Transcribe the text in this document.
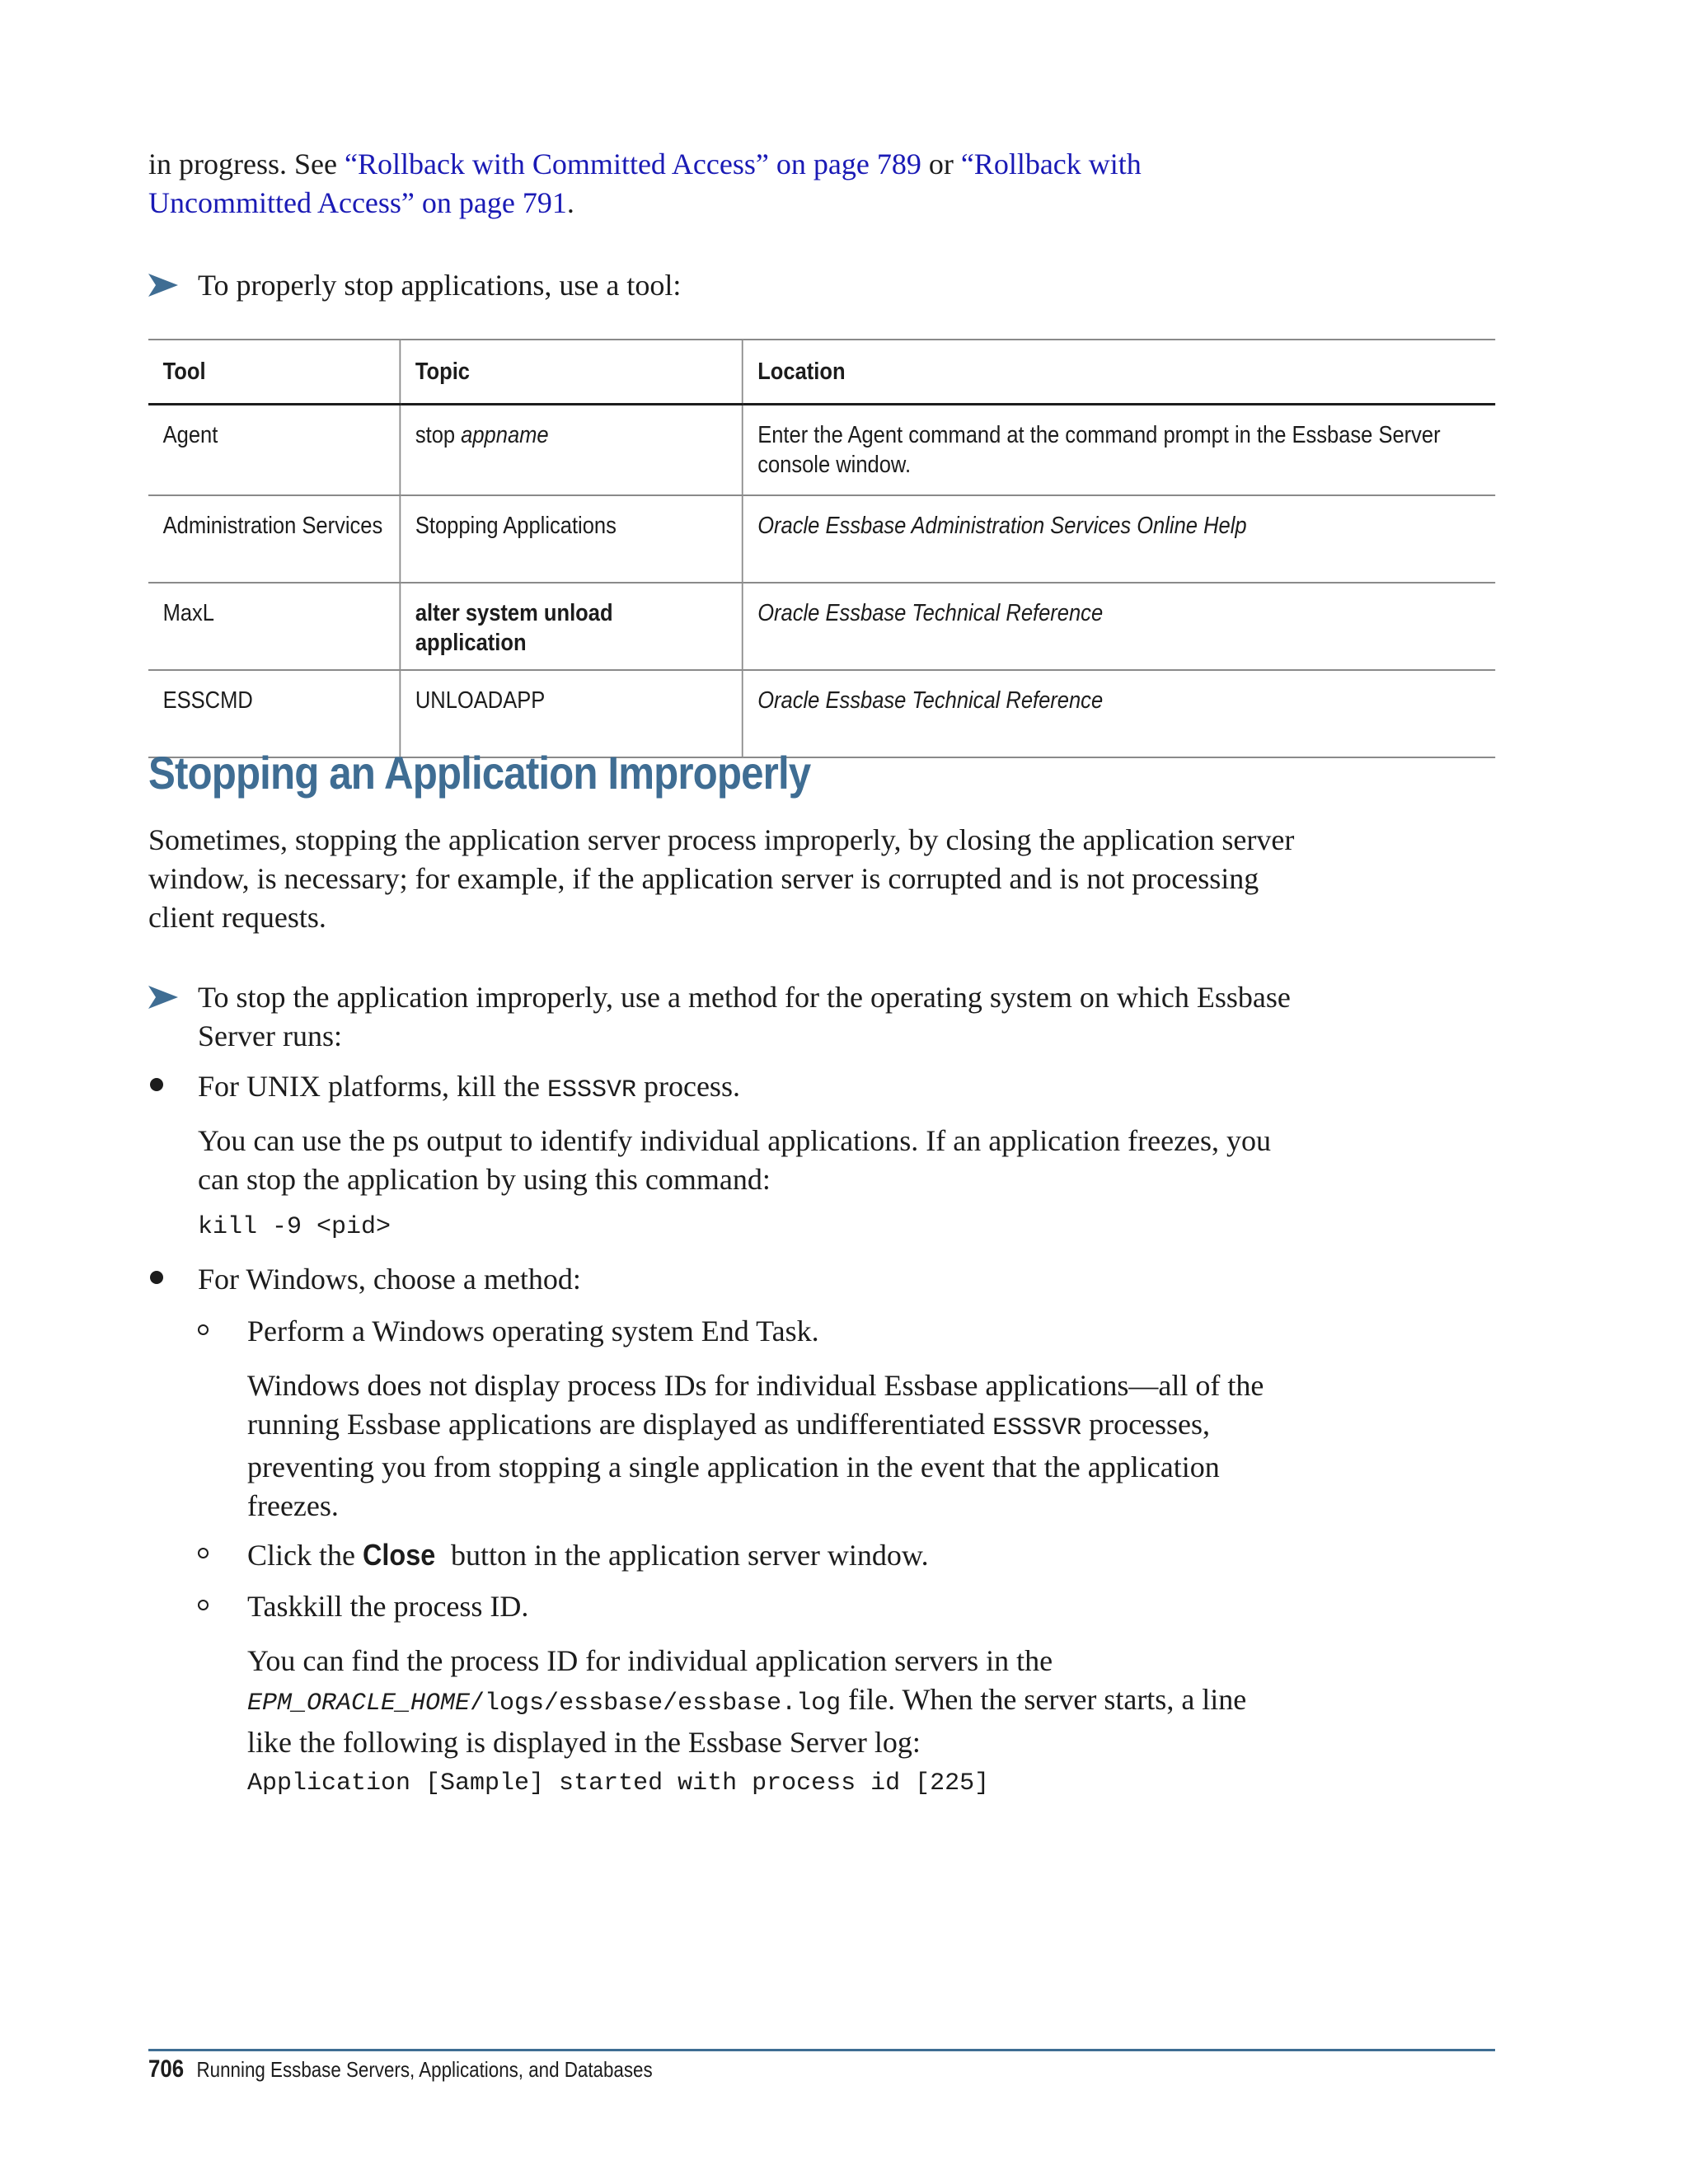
in progress. See “Rollback with Committed Access” on page 789 or “Rollback with
Uncommitted Access” on page 791.
To properly stop applications, use a tool:
Tool	Topic	Location
Agent	stop appname	Enter the Agent command at the command prompt in the Essbase Server
console window.
Administration Services	Stopping Applications	Oracle Essbase Administration Services Online Help
MaxL	alter system unload application	Oracle Essbase Technical Reference
ESSCMD	UNLOADAPP	Oracle Essbase Technical Reference
Stopping an Application Improperly
Sometimes, stopping the application server process improperly, by closing the application server
window, is necessary; for example, if the application server is corrupted and is not processing
client requests.
To stop the application improperly, use a method for the operating system on which Essbase
Server runs:
For UNIX platforms, kill the ESSSVR process.
You can use the ps output to identify individual applications. If an application freezes, you
can stop the application by using this command:
kill -9 <pid>
For Windows, choose a method:
Perform a Windows operating system End Task.
Windows does not display process IDs for individual Essbase applications—all of the
running Essbase applications are displayed as undifferentiated ESSSVR processes,
preventing you from stopping a single application in the event that the application
freezes.
Click the Close button in the application server window.
Taskkill the process ID.
You can find the process ID for individual application servers in the
EPM_ORACLE_HOME/logs/essbase/essbase.log file. When the server starts, a line
like the following is displayed in the Essbase Server log:
Application [Sample] started with process id [225]
706 Running Essbase Servers, Applications, and Databases
